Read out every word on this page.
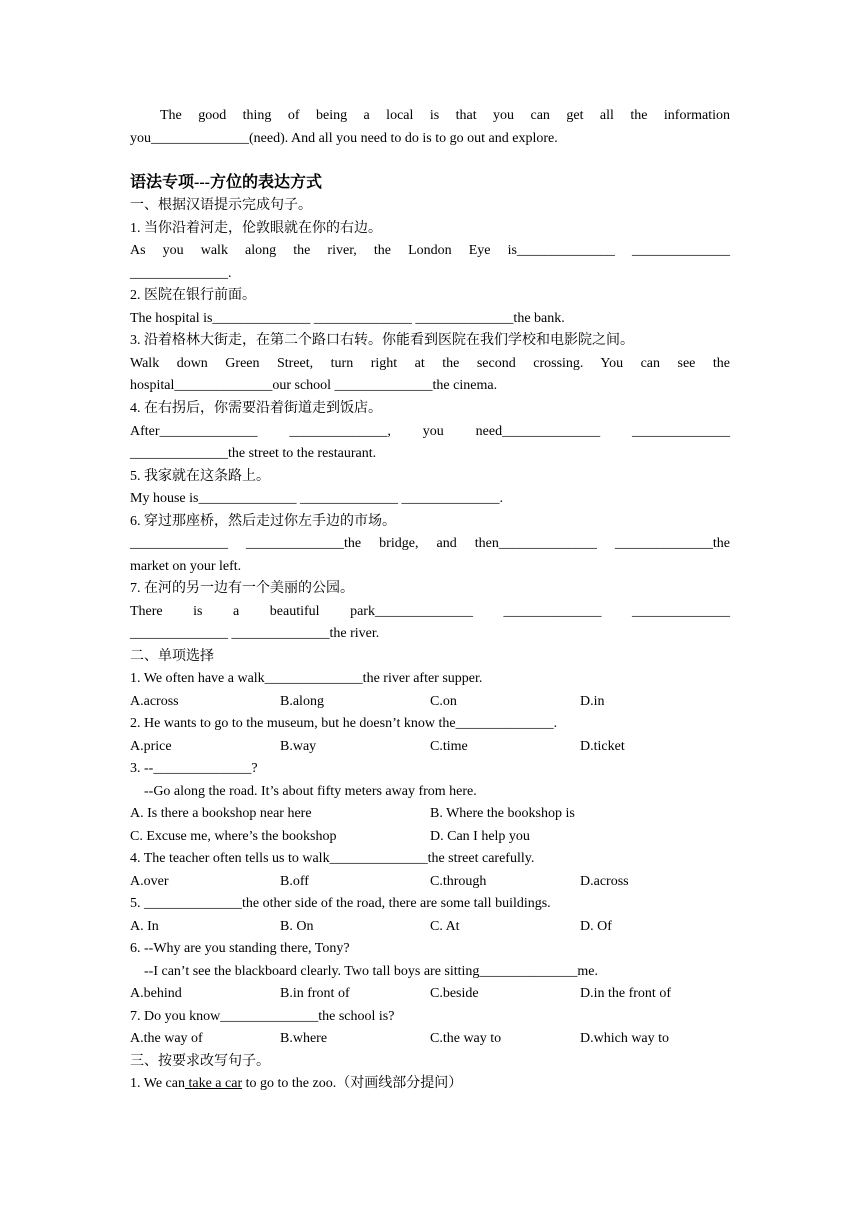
The good thing of being a local is that you can get all the information
you______________(need). And all you need to do is to go out and explore.
语法专项---方位的表达方式
一、根据汉语提示完成句子。
1. 当你沿着河走，伦敦眼就在你的右边。
As you walk along the river, the London Eye is______________ ______________
______________.
2. 医院在银行前面。
The hospital is______________ ______________ ______________the bank.
3. 沿着格林大街走，在第二个路口右转。你能看到医院在我们学校和电影院之间。
Walk down Green Street, turn right at the second crossing. You can see the
hospital______________our school ______________the cinema.
4. 在右拐后，你需要沿着街道走到饭店。
After______________ ______________, you need______________ ______________
______________the street to the restaurant.
5. 我家就在这条路上。
My house is______________ ______________ ______________.
6. 穿过那座桥，然后走过你左手边的市场。
______________ ______________the bridge, and then______________ ______________the
market on your left.
7. 在河的另一边有一个美丽的公园。
There is a beautiful park______________ ______________ ______________
______________ ______________the river.
二、单项选择
1. We often have a walk______________the river after supper.
A.across	B.along	C.on	D.in
2. He wants to go to the museum, but he doesn’t know the______________.
A.price	B.way	C.time	D.ticket
3. --______________?
--Go along the road. It’s about fifty meters away from here.
A. Is there a bookshop near here	B. Where the bookshop is
C. Excuse me, where’s the bookshop	D. Can I help you
4. The teacher often tells us to walk______________the street carefully.
A.over	B.off	C.through	D.across
5. ______________the other side of the road, there are some tall buildings.
A. In	B. On	C. At	D. Of
6. --Why are you standing there, Tony?
--I can’t see the blackboard clearly. Two tall boys are sitting______________me.
A.behind	B.in front of	C.beside	D.in the front of
7. Do you know______________the school is?
A.the way of	B.where	C.the way to	D.which way to
三、按要求改写句子。
1. We can take a car to go to the zoo.（对画线部分提问）
